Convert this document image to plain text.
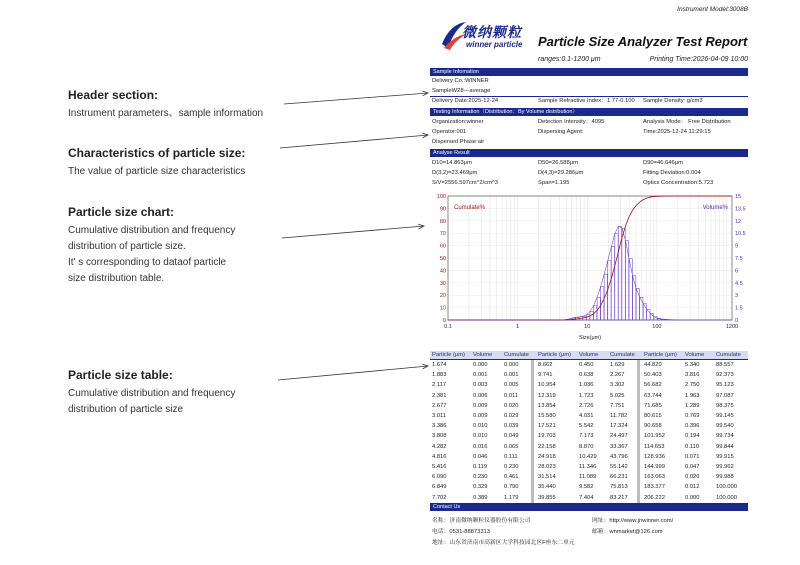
Header section:
Instrument parameters、sample information
Characteristics of particle size:
The value of particle size characteristics
Particle size chart:
Cumulative distribution and frequency
distribution of particle size.
It' s corresponding to dataof particle
size distribution table.
Particle size table:
Cumulative distribution and frequency
distribution of particle size
Instrument Model:3008B
微纳颗粒
winner particle Particle Size Analyzer Test Report
ranges:0.1-1200 μm	Printing Time:2026-04-09 10:00
Sample Infomation
Delivery Co.:WINNER
SampleW28---average
Delivery Date:2025-12-24	Sample Refractive Index：1.77-0.100 Sample Density: g/cm3
Testing Information（Distribution：By Volume distribution）
Organization:winner	Detection Intensity：4095	Analysis Mode： Free Distribution
Operator:001	Dispersing Agent:	Time:2025-12-24 11:29:15
Dispersed Phase:air
Analyse Result
D10=14.863μm	D50=26.588μm	D90=46.646μm
D(3,2)=23.469μm	D(4,3)=29.286μm	Fitting Deviation:0.004
S/V=2556.597cm^2/cm^3	Span=1.195	Optics Concentration:5.723
0
10
20
30
40
50
60
70
80
90
100
0
1.5
3
4.5
6
7.5
9
10.5
12
13.5
15
0.1	1	10	100	1200
Size(μm)
Cumulate%	Volume%
Particle (μm) Volume Cumulate Particle (μm) Volume Cumulate Particle (μm) Volume Cumulate
1.674	0.000	0.000
1.883	0.001	0.001
2.117	0.003	0.005
2.381	0.006	0.011
2.677	0.009	0.020
3.011	0.009	0.029
3.386	0.010	0.039
3.808	0.010	0.049
4.282	0.016	0.065
4.816	0.046	0.111
5.416	0.119	0.230
6.090	0.230	0.461
6.849	0.329	0.790
7.702	0.389	1.179
8.662	0.450	1.629
9.741	0.638	2.267
10.954	1.036	3.302
12.319	1.723	5.025
13.854	2.726	7.751
15.580	4.031	11.782
17.521	5.542	17.324
19.703	7.173	24.497
22.158	8.870	33.367
24.918	10.429 43.796
28.023	11.346 55.142
31.514	11.089 66.231
35.440	9.582	75.813
39.855	7.404	83.217
44.820	5.340	88.557
50.403	3.816	92.373
56.682	2.750	95.123
63.744	1.963	97.087
71.685	1.289	98.375
80.615	0.769	99.145
90.658	0.396	99.540
101.952	0.194	99.734
114.653	0.110	99.844
128.936	0.071	99.915
144.999	0.047	99.962
163.063	0.026	99.988
183.377	0.012	100.000
206.222	0.000	100.000
Contact Us
名称：济南微纳颗粒仪器股份有限公司	网址：http://www.jnwinner.com/
电话：0531-88873313	邮箱：wnmarket@126.com
地址：山东省济南市高新区大学科技园北区F座东二单元
